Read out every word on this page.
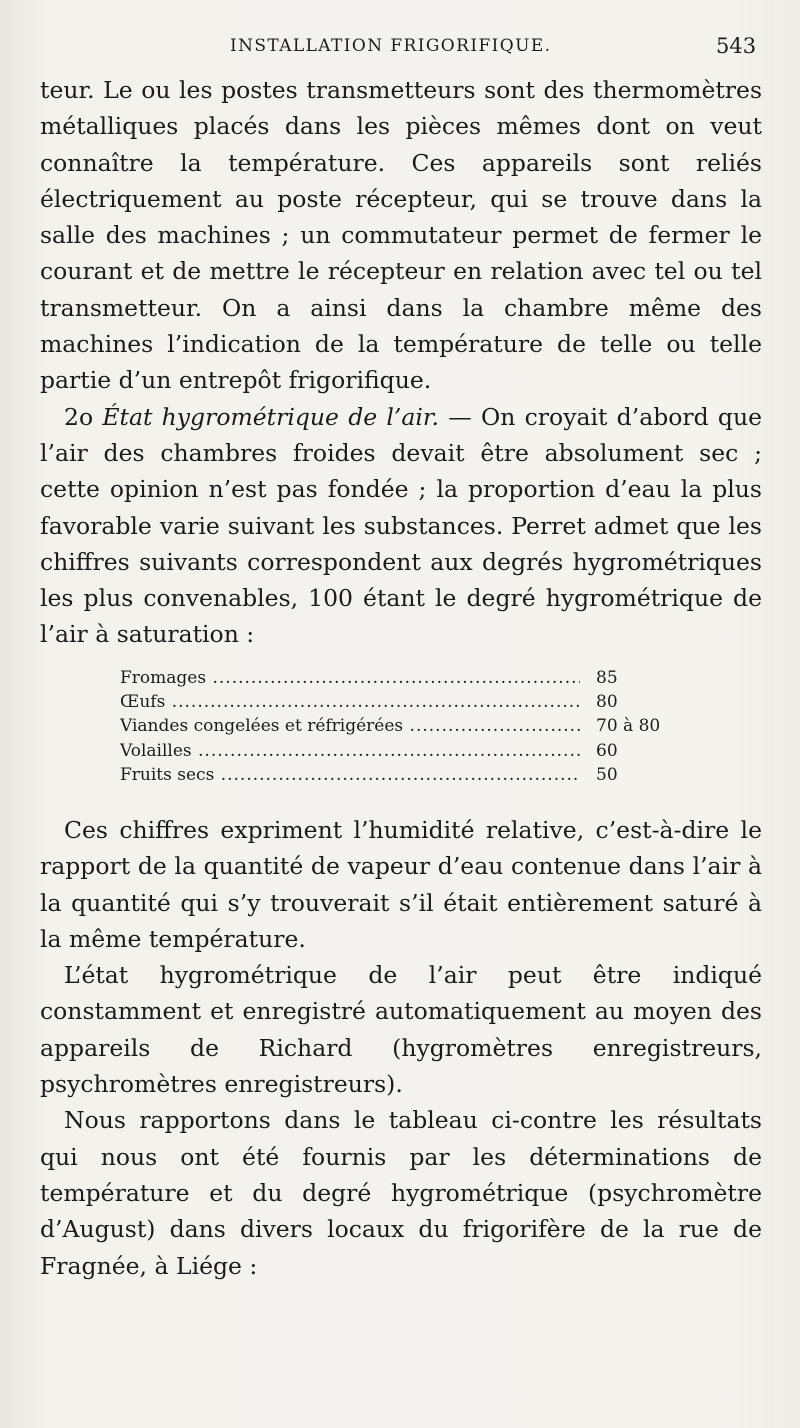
INSTALLATION FRIGORIFIQUE.	543

teur. Le ou les postes transmetteurs sont des thermomètres métalliques placés dans les pièces mêmes dont on veut connaître la température. Ces appareils sont reliés électriquement au poste récepteur, qui se trouve dans la salle des machines ; un commutateur permet de fermer le courant et de mettre le récepteur en relation avec tel ou tel transmetteur. On a ainsi dans la chambre même des machines l’indication de la température de telle ou telle partie d’un entrepôt frigorifique.

2o État hygrométrique de l’air. — On croyait d’abord que l’air des chambres froides devait être absolument sec ; cette opinion n’est pas fondée ; la proportion d’eau la plus favorable varie suivant les substances. Perret admet que les chiffres suivants correspondent aux degrés hygrométriques les plus convenables, 100 étant le degré hygrométrique de l’air à saturation :

Fromages .....	85
Œufs .....	80
Viandes congelées et réfrigérées .....	70 à 80
Volailles .....	60
Fruits secs .....	50

Ces chiffres expriment l’humidité relative, c’est-à-dire le rapport de la quantité de vapeur d’eau contenue dans l’air à la quantité qui s’y trouverait s’il était entièrement saturé à la même température.

L’état hygrométrique de l’air peut être indiqué constamment et enregistré automatiquement au moyen des appareils de Richard (hygromètres enregistreurs, psychromètres enregistreurs).

Nous rapportons dans le tableau ci-contre les résultats qui nous ont été fournis par les déterminations de température et du degré hygrométrique (psychromètre d’August) dans divers locaux du frigorifère de la rue de Fragnée, à Liége :
